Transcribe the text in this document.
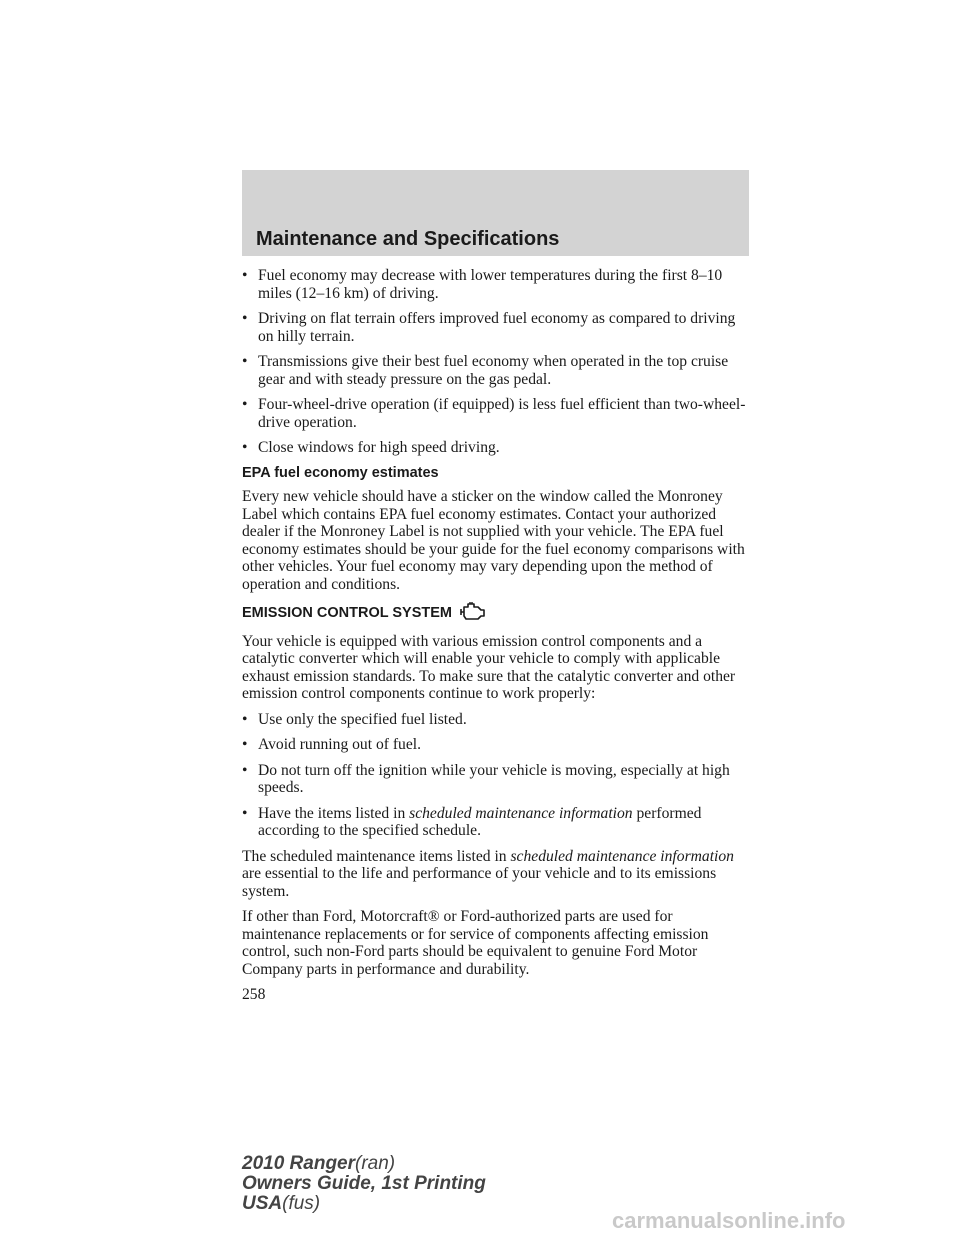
Maintenance and Specifications
• Fuel economy may decrease with lower temperatures during the first 8–10 miles (12–16 km) of driving.
• Driving on flat terrain offers improved fuel economy as compared to driving on hilly terrain.
• Transmissions give their best fuel economy when operated in the top cruise gear and with steady pressure on the gas pedal.
• Four-wheel-drive operation (if equipped) is less fuel efficient than two-wheel-drive operation.
• Close windows for high speed driving.
EPA fuel economy estimates
Every new vehicle should have a sticker on the window called the Monroney Label which contains EPA fuel economy estimates. Contact your authorized dealer if the Monroney Label is not supplied with your vehicle. The EPA fuel economy estimates should be your guide for the fuel economy comparisons with other vehicles. Your fuel economy may vary depending upon the method of operation and conditions.
EMISSION CONTROL SYSTEM
Your vehicle is equipped with various emission control components and a catalytic converter which will enable your vehicle to comply with applicable exhaust emission standards. To make sure that the catalytic converter and other emission control components continue to work properly:
• Use only the specified fuel listed.
• Avoid running out of fuel.
• Do not turn off the ignition while your vehicle is moving, especially at high speeds.
• Have the items listed in scheduled maintenance information performed according to the specified schedule.
The scheduled maintenance items listed in scheduled maintenance information are essential to the life and performance of your vehicle and to its emissions system.
If other than Ford, Motorcraft® or Ford-authorized parts are used for maintenance replacements or for service of components affecting emission control, such non-Ford parts should be equivalent to genuine Ford Motor Company parts in performance and durability.
258
2010 Ranger(ran)
Owners Guide, 1st Printing
USA(fus)
carmanualsonline.info
